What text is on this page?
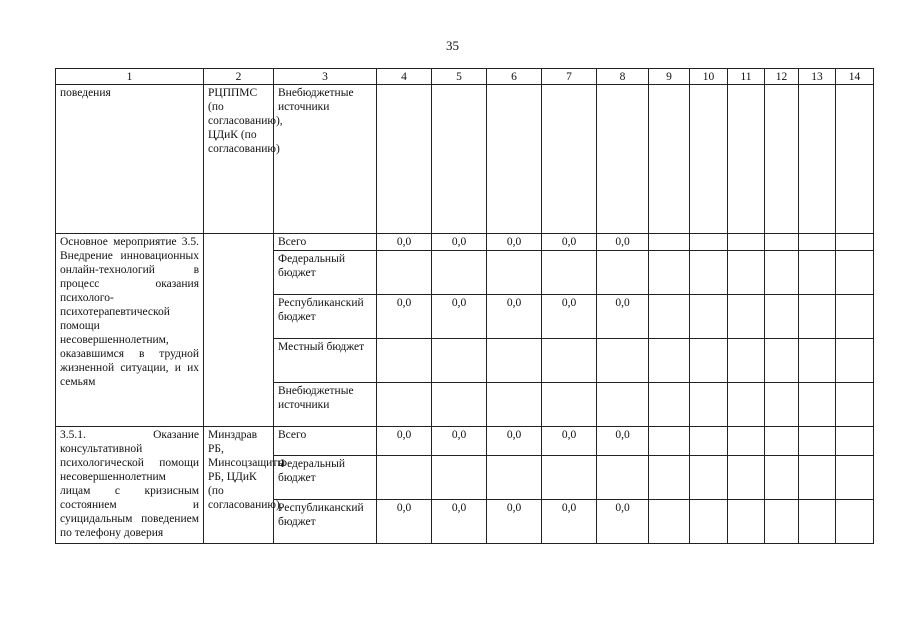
35
1	2	3	4	5	6	7	8	9	10	11	12	13	14
поведения	РЦППМС (по согласованию), ЦДиК (по согласованию)	Внебюджетные источники											
Основное мероприятие 3.5. Внедрение инновационных онлайн-технологий в процесс оказания психолого-психотерапевтической помощи несовершеннолетним, оказавшимся в трудной жизненной ситуации, и их семьям		Всего	0,0	0,0	0,0	0,0	0,0						
		Федеральный бюджет											
		Республиканский бюджет	0,0	0,0	0,0	0,0	0,0						
		Местный бюджет											
		Внебюджетные источники											
3.5.1. Оказание консультативной психологической помощи несовершеннолетним лицам с кризисным состоянием и суицидальным поведением по телефону доверия	Минздрав РБ, Минсоцзащиты РБ, ЦДиК (по согласованию),	Всего	0,0	0,0	0,0	0,0	0,0						
		Федеральный бюджет											
		Республиканский бюджет	0,0	0,0	0,0	0,0	0,0						
